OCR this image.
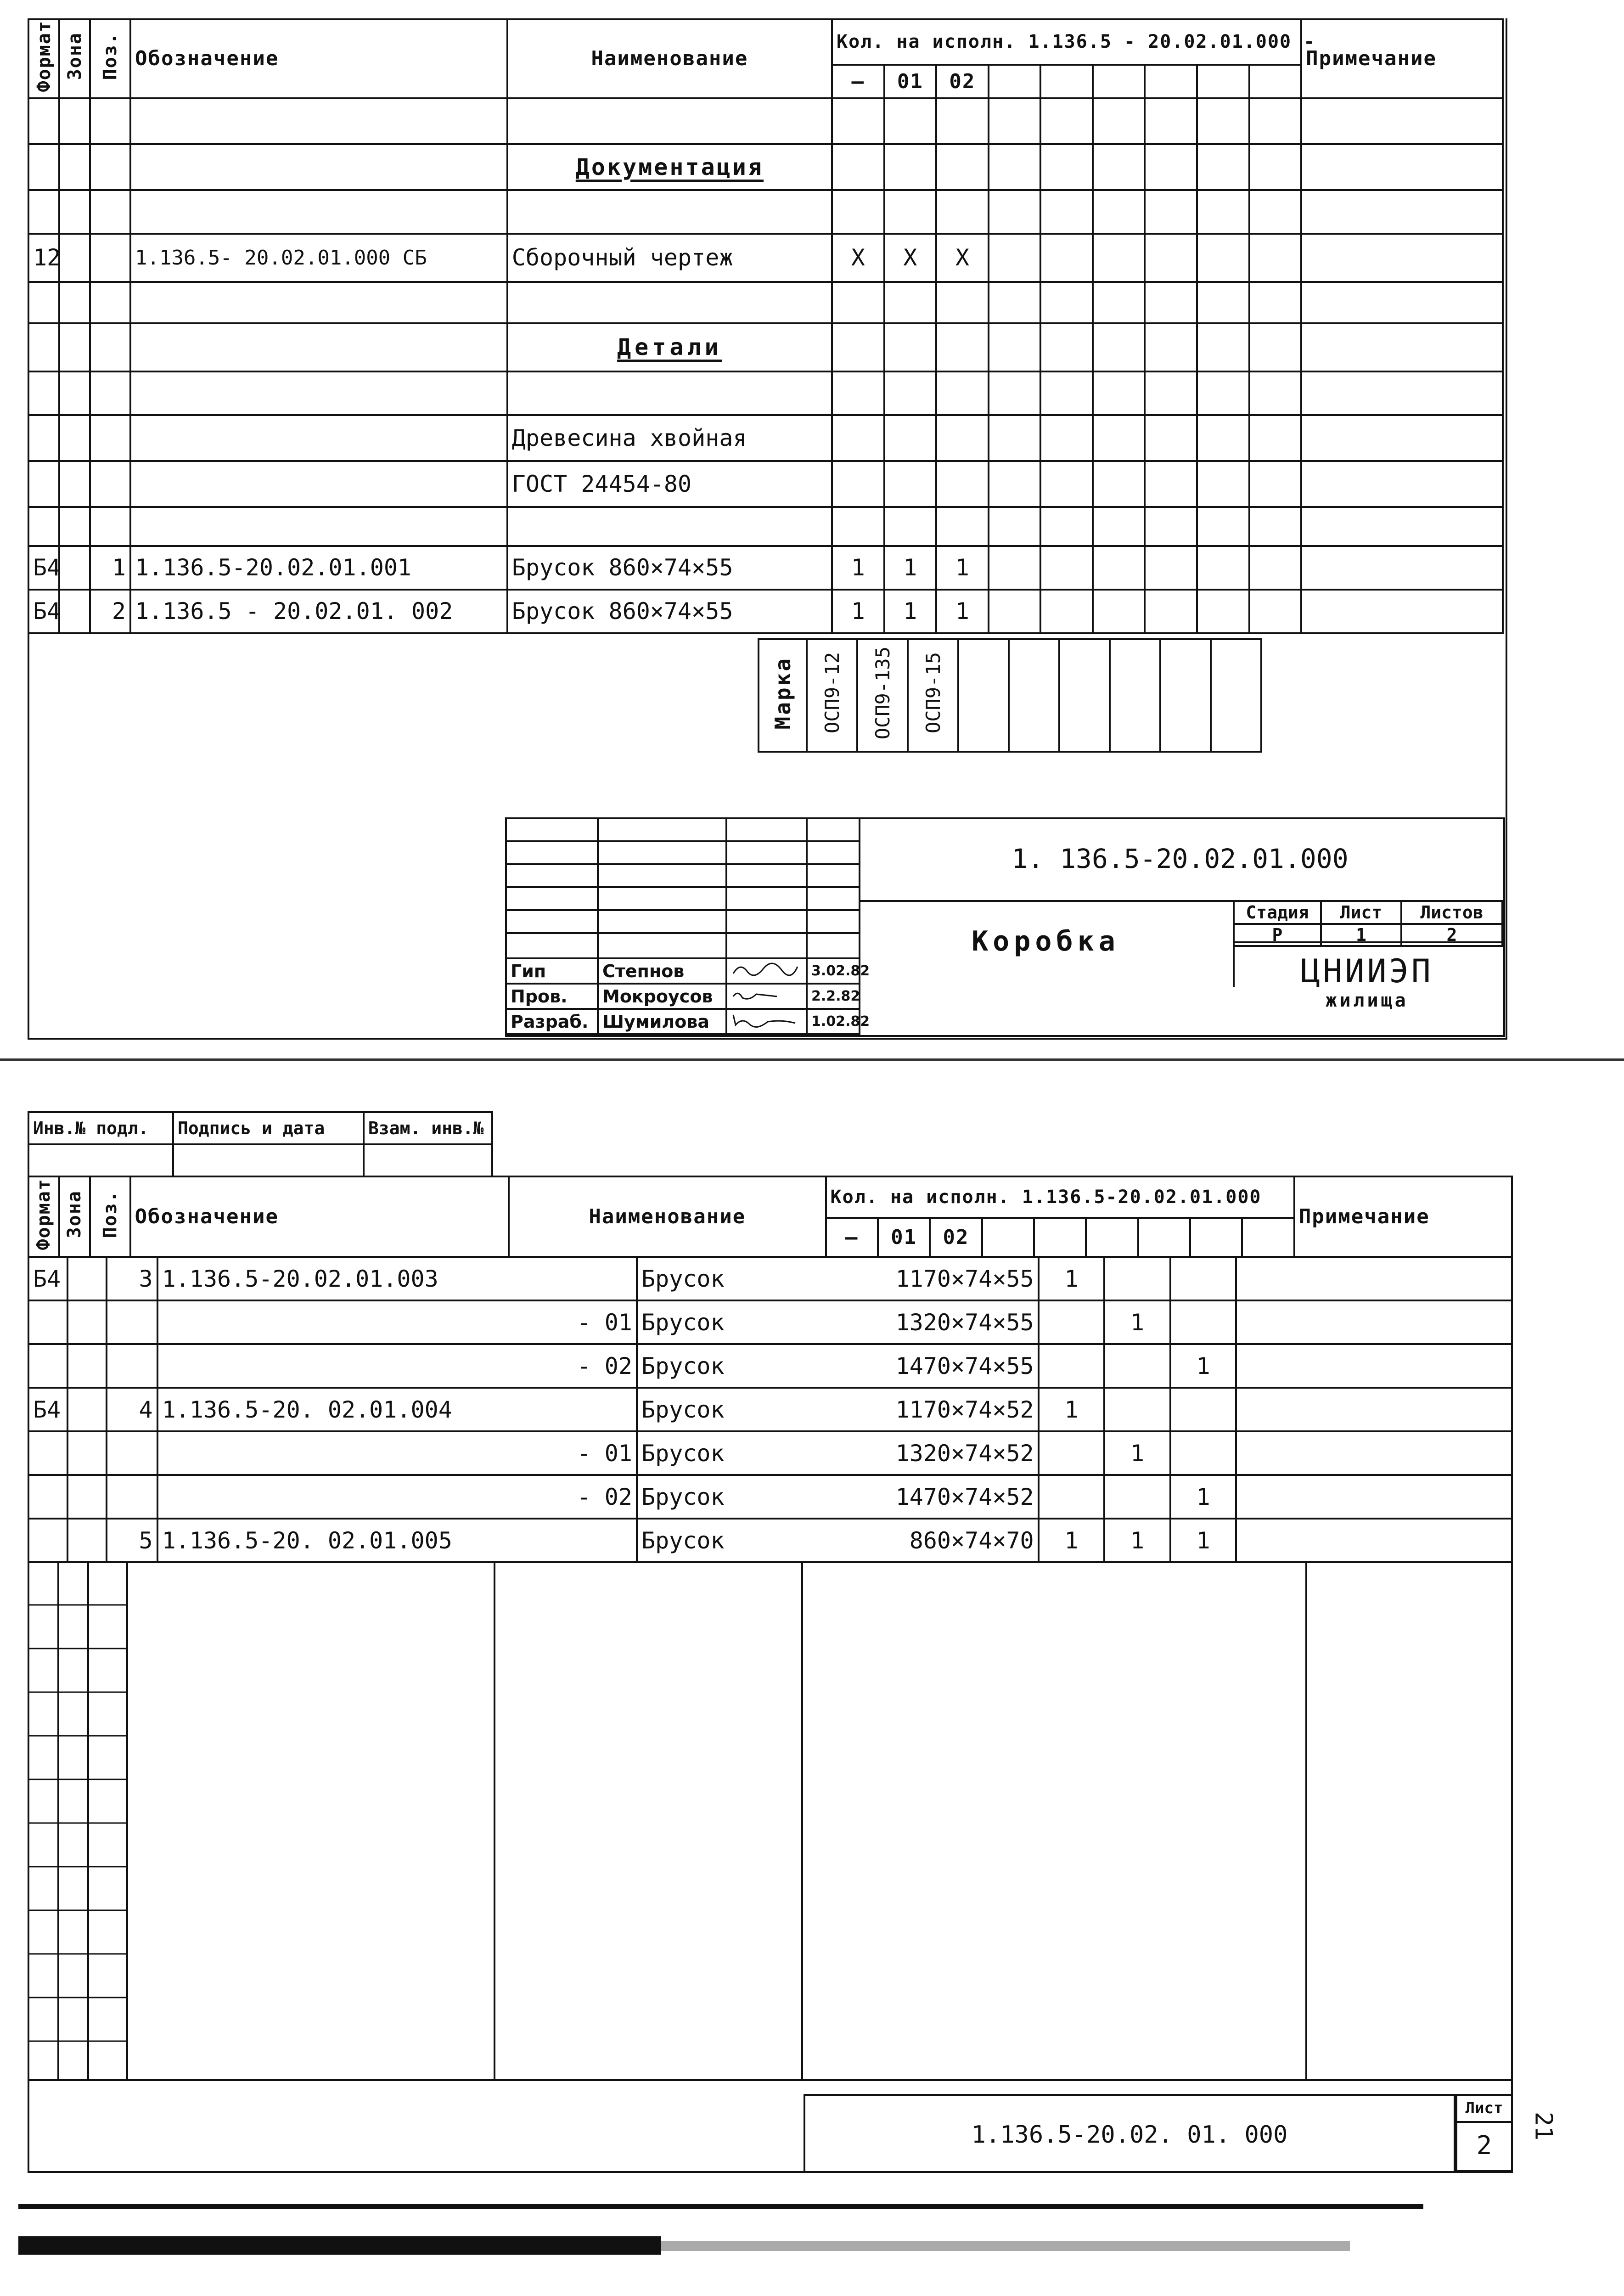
Формат	Зона	Поз.	Обозначение	Наименование	Кол. на исполн. 1.136.5 - 20.02.01.000 -									Примечание
					–	01	02							

				Документация										

12			1.136.5- 20.02.01.000 СБ	Сборочный чертеж	X	X	X							

				Детали										

				Древесина хвойная										
				ГОСТ 24454-80										

Б4		1	1.136.5-20.02.01.001	Брусок 860×74×55	1	1	1							
Б4		2	1.136.5 - 20.02.01. 002	Брусок 860×74×55	1	1	1							
Марка	ОСП9-12	ОСП9-135	ОСП9-15							

Гип	Степнов		3.02.82
Пров.	Мокроусов		2.2.82
Разраб.	Шумилова		1.02.82
1. 136.5-20.02.01.000
Коробка
Стадия	Лист	Листов
Р	1	2
ЦНИИЭП
жилища
Инв.№ подл.	Подпись и дата	Взам. инв.№

Формат	Зона	Поз.	Обозначение	Наименование	Кол. на исполн. 1.136.5-20.02.01.000									Примечание
					–	01	02							
Б4		3	1.136.5-20.02.01.003	Брусок 1170×74×55	1			
			- 01	Брусок 1320×74×55		1		
			- 02	Брусок 1470×74×55			1	
Б4		4	1.136.5-20. 02.01.004	Брусок 1170×74×52	1			
			- 01	Брусок 1320×74×52		1		
			- 02	Брусок 1470×74×52			1	
		5	1.136.5-20. 02.01.005	Брусок 860×74×70	1	1	1	
1.136.5-20.02. 01. 000
Лист
2
21
